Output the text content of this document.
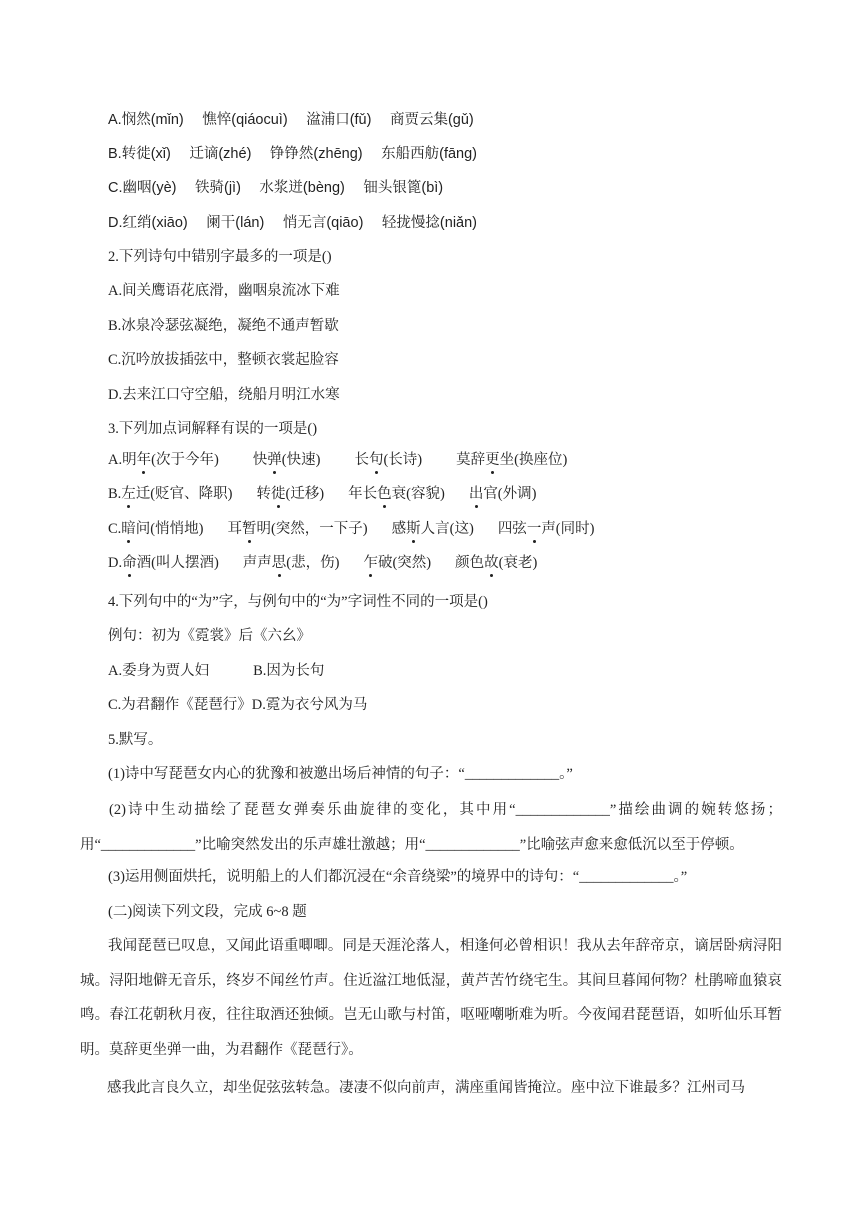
A.悯然(mǐn)　 憔悴(qiáocuì)　 湓浦口(fǔ)　 商贾云集(gǔ)
B.转徙(xǐ)　 迁谪(zhé)　 铮铮然(zhēng)　 东船西舫(fāng)
C.幽咽(yè)　 铁骑(jì)　 水浆迸(bèng)　 钿头银篦(bì)
D.红绡(xiāo)　 阑干(lán)　 悄无言(qiāo)　 轻拢慢捻(niǎn)
2.下列诗句中错别字最多的一项是()
A.间关鹰语花底滑，幽咽泉流冰下难
B.冰泉冷瑟弦凝绝，凝绝不通声暂歇
C.沉吟放拔插弦中，整顿衣裳起脸容
D.去来江口守空船，绕船月明江水寒
3.下列加点词解释有误的一项是()
A.明年(次于今年) 快弹(快速) 长句(长诗) 莫辞更坐(换座位)
B.左迁(贬官、降职) 转徙(迁移) 年长色衰(容貌) 出官(外调)
C.暗问(悄悄地) 耳暂明(突然，一下子) 感斯人言(这) 四弦一声(同时)
D.命酒(叫人摆酒) 声声思(悲，伤) 乍破(突然) 颜色故(衰老)
4.下列句中的“为”字，与例句中的“为”字词性不同的一项是()
例句：初为《霓裳》后《六幺》
A.委身为贾人妇	B.因为长句
C.为君翻作《琵琶行》D.霓为衣兮风为马
5.默写。
(1)诗中写琵琶女内心的犹豫和被邀出场后神情的句子：“_____________。”
(2)诗中生动描绘了琵琶女弹奏乐曲旋律的变化，其中用“_____________”描绘曲调的婉转悠扬；用“_____________”比喻突然发出的乐声雄壮激越；用“_____________”比喻弦声愈来愈低沉以至于停顿。
(3)运用侧面烘托，说明船上的人们都沉浸在“余音绕梁”的境界中的诗句：“_____________。”
(二)阅读下列文段，完成 6~8 题
我闻琵琶已叹息，又闻此语重唧唧。同是天涯沦落人，相逢何必曾相识！我从去年辞帝京，谪居卧病浔阳城。浔阳地僻无音乐，终岁不闻丝竹声。住近湓江地低湿，黄芦苦竹绕宅生。其间旦暮闻何物？杜鹃啼血猿哀鸣。春江花朝秋月夜，往往取酒还独倾。岂无山歌与村笛，呕哑嘲哳难为听。今夜闻君琵琶语，如听仙乐耳暂明。莫辞更坐弹一曲，为君翻作《琵琶行》。
感我此言良久立，却坐促弦弦转急。凄凄不似向前声，满座重闻皆掩泣。座中泣下谁最多？江州司马
